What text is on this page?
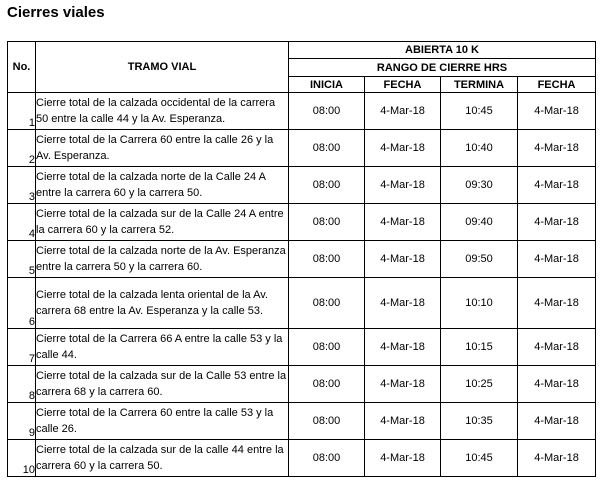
Cierres viales
No.	TRAMO VIAL	ABIERTA 10 K			
		RANGO DE CIERRE HRS			
		INICIA	FECHA	TERMINA	FECHA
1	Cierre total de la calzada occidental de la carrera 50 entre la calle 44 y la Av. Esperanza.	08:00	4-Mar-18	10:45	4-Mar-18
2	Cierre total de la Carrera 60 entre la calle 26 y la Av. Esperanza.	08:00	4-Mar-18	10:40	4-Mar-18
3	Cierre total de la calzada norte de la Calle 24 A entre la carrera 60 y la carrera 50.	08:00	4-Mar-18	09:30	4-Mar-18
4	Cierre total de la calzada sur de la Calle 24 A entre la carrera 60 y la carrera 52.	08:00	4-Mar-18	09:40	4-Mar-18
5	Cierre total de la calzada norte de la Av. Esperanza entre la carrera 50 y la carrera 60.	08:00	4-Mar-18	09:50	4-Mar-18
6	Cierre total de la calzada lenta oriental de la Av. carrera 68 entre la Av. Esperanza y la calle 53.	08:00	4-Mar-18	10:10	4-Mar-18
7	Cierre total de la Carrera 66 A entre la calle 53 y la calle 44.	08:00	4-Mar-18	10:15	4-Mar-18
8	Cierre total de la calzada sur de la Calle 53 entre la carrera 68 y la carrera 60.	08:00	4-Mar-18	10:25	4-Mar-18
9	Cierre total de la Carrera 60 entre la calle 53 y la calle 26.	08:00	4-Mar-18	10:35	4-Mar-18
10	Cierre total de la calzada sur de la calle 44 entre la carrera 60 y la carrera 50.	08:00	4-Mar-18	10:45	4-Mar-18
